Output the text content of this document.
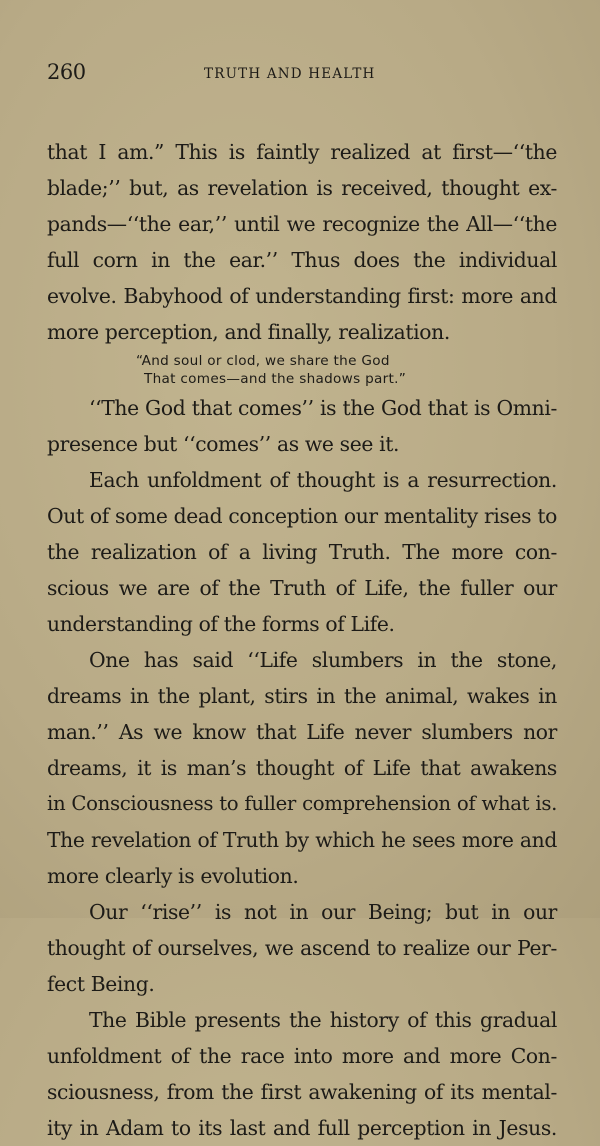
260	TRUTH AND HEALTH
that I am.” This is faintly realized at first—‘‘the
blade;’’ but, as revelation is received, thought ex-
pands—‘‘the ear,’’ until we recognize the All—‘‘the
full corn in the ear.’’ Thus does the individual
evolve. Babyhood of understanding first: more and
more perception, and finally, realization.
“And soul or clod, we share the God
That comes—and the shadows part.”
‘‘The God that comes’’ is the God that is Omni-
presence but ‘‘comes’’ as we see it.
Each unfoldment of thought is a resurrection.
Out of some dead conception our mentality rises to
the realization of a living Truth. The more con-
scious we are of the Truth of Life, the fuller our
understanding of the forms of Life.
One has said ‘‘Life slumbers in the stone,
dreams in the plant, stirs in the animal, wakes in
man.’’ As we know that Life never slumbers nor
dreams, it is man’s thought of Life that awakens
in Consciousness to fuller comprehension of what is.
The revelation of Truth by which he sees more and
more clearly is evolution.
Our ‘‘rise’’ is not in our Being; but in our
thought of ourselves, we ascend to realize our Per-
fect Being.
The Bible presents the history of this gradual
unfoldment of the race into more and more Con-
sciousness, from the first awakening of its mental-
ity in Adam to its last and full perception in Jesus.
